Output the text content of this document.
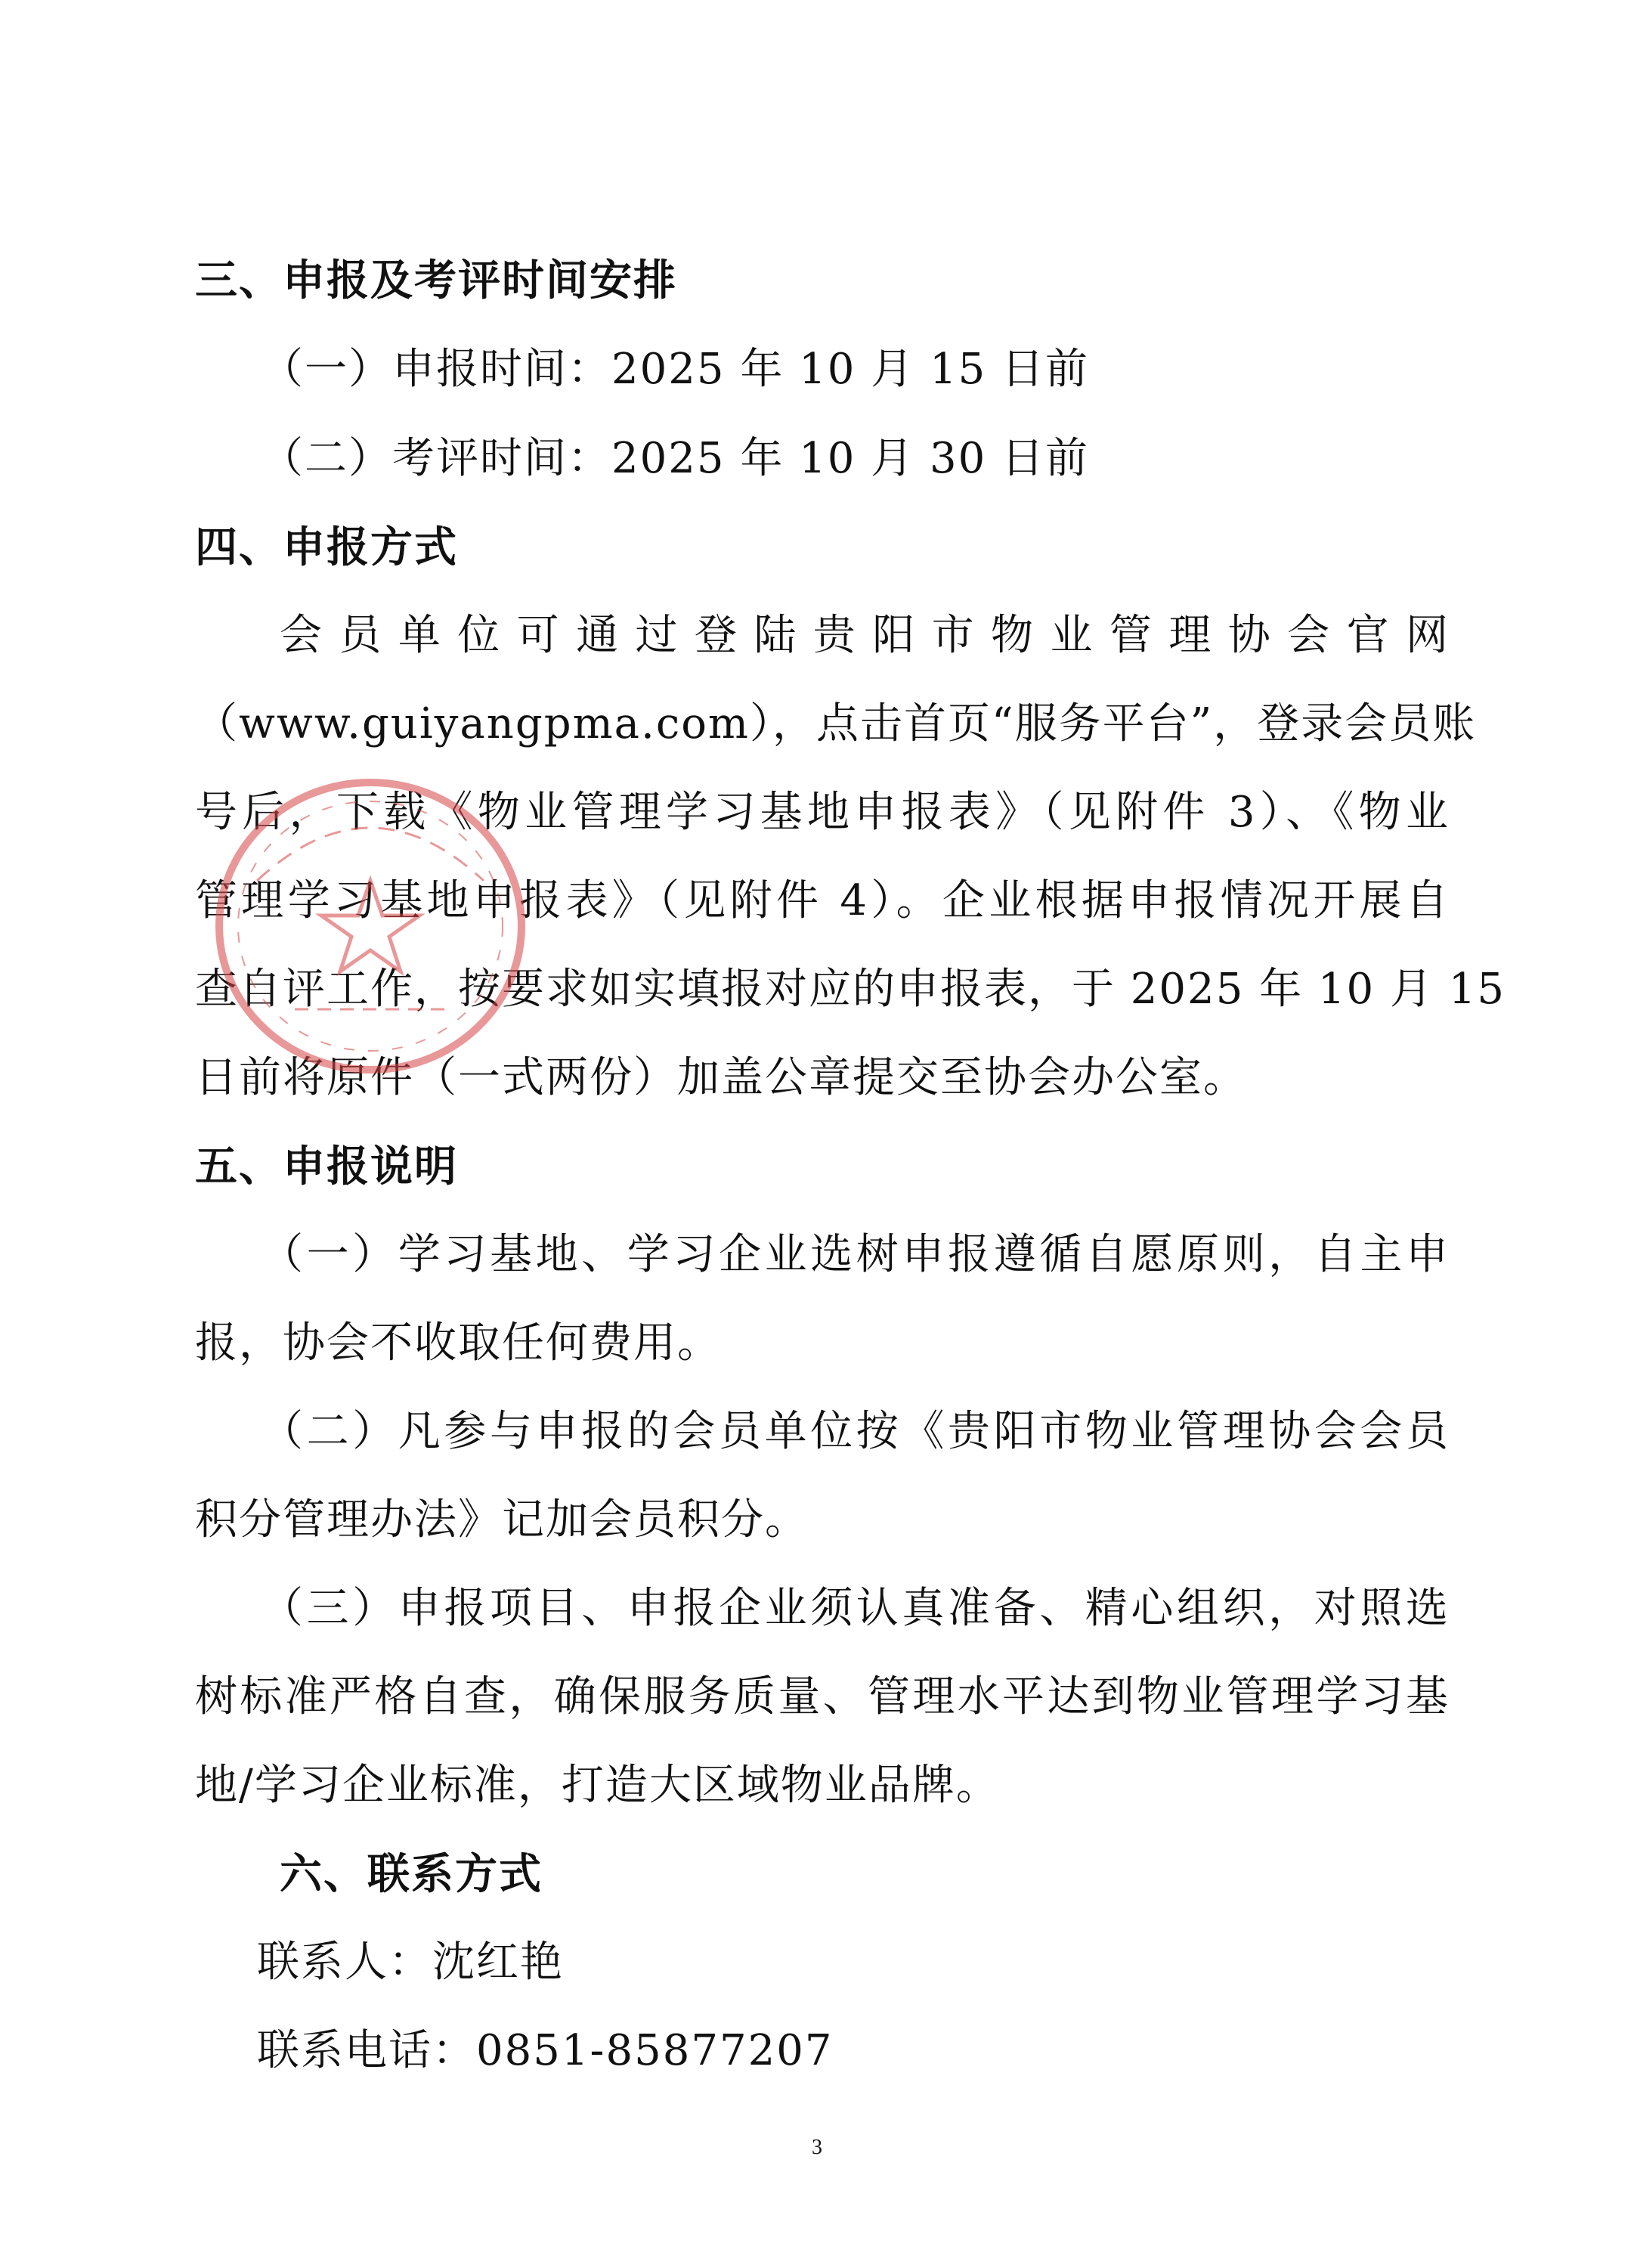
三、申报及考评时间安排
（一）申报时间：2025 年 10 月 15 日前
（二）考评时间：2025 年 10 月 30 日前
四、申报方式
会员单位可通过登陆贵阳市物业管理协会官网
（www.guiyangpma.com），点击首页“服务平台”，登录会员账
号后，下载《物业管理学习基地申报表》（见附件 3）、《物业
管理学习基地申报表》（见附件 4）。企业根据申报情况开展自
查自评工作，按要求如实填报对应的申报表，于 2025 年 10 月 15
日前将原件（一式两份）加盖公章提交至协会办公室。
五、申报说明
（一）学习基地、学习企业选树申报遵循自愿原则，自主申
报，协会不收取任何费用。
（二）凡参与申报的会员单位按《贵阳市物业管理协会会员
积分管理办法》记加会员积分。
（三）申报项目、申报企业须认真准备、精心组织，对照选
树标准严格自查，确保服务质量、管理水平达到物业管理学习基
地/学习企业标准，打造大区域物业品牌。
六、联系方式
联系人：沈红艳
联系电话：0851-85877207
3
